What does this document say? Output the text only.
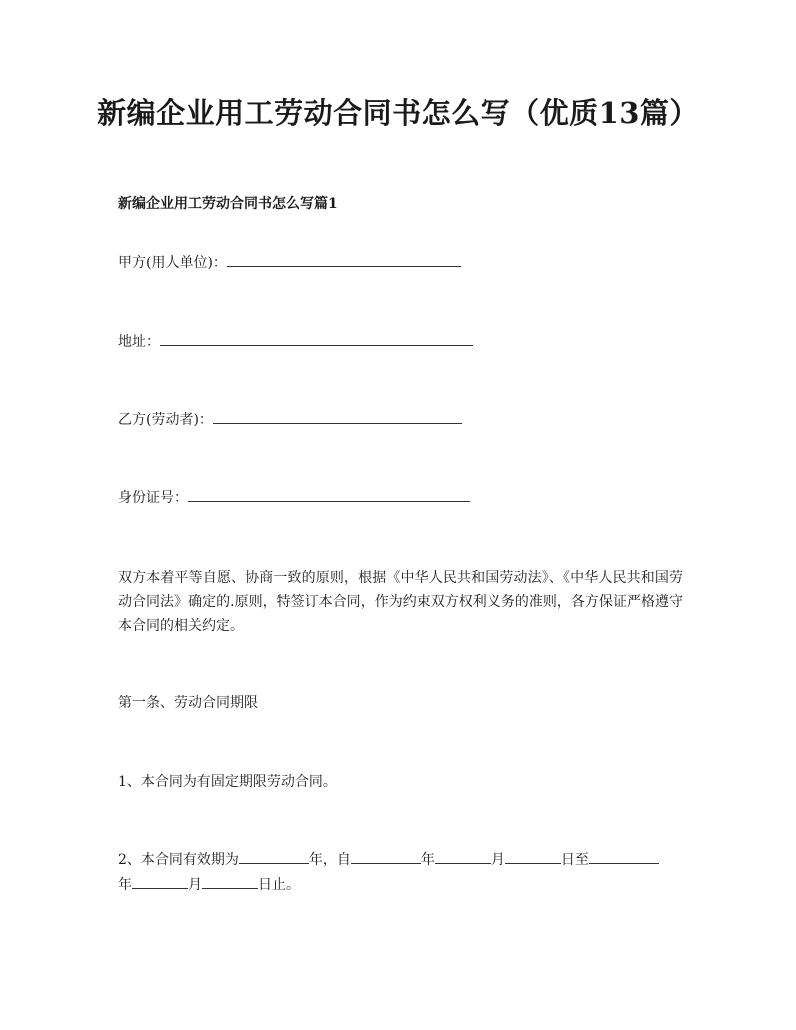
新编企业用工劳动合同书怎么写（优质13篇）

新编企业用工劳动合同书怎么写篇1

甲方(用人单位)：

地址：

乙方(劳动者)：

身份证号：

双方本着平等自愿、协商一致的原则，根据《中华人民共和国劳动法》、《中华人民共和国劳动合同法》确定的.原则，特签订本合同，作为约束双方权利义务的准则，各方保证严格遵守本合同的相关约定。

第一条、劳动合同期限

1、本合同为有固定期限劳动合同。

2、本合同有效期为	年，自	年	月	日至

年	月	日止。
